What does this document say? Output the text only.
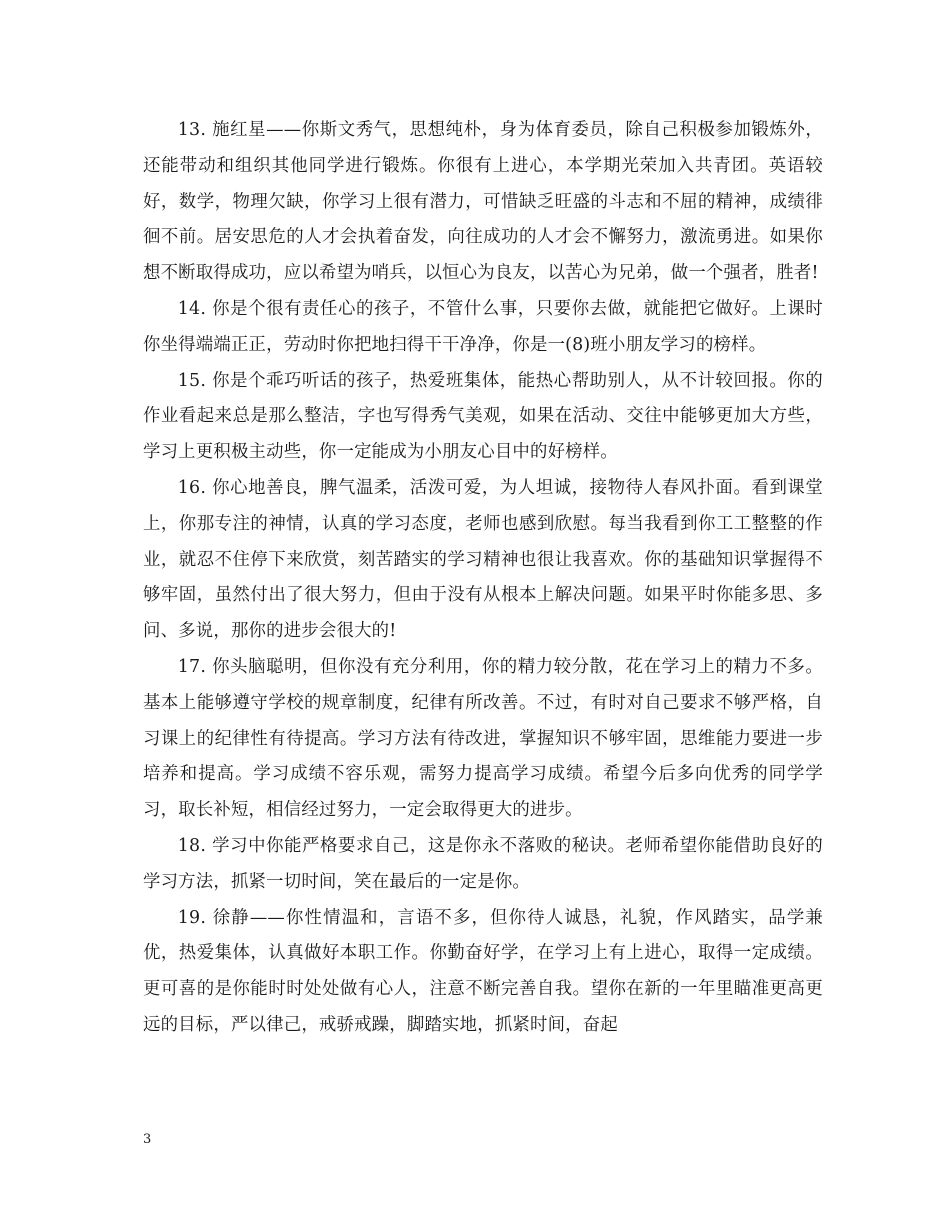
13. 施红星——你斯文秀气，思想纯朴，身为体育委员，除自己积极参加锻炼外，还能带动和组织其他同学进行锻炼。你很有上进心，本学期光荣加入共青团。英语较好，数学，物理欠缺，你学习上很有潜力，可惜缺乏旺盛的斗志和不屈的精神，成绩徘徊不前。居安思危的人才会执着奋发，向往成功的人才会不懈努力，激流勇进。如果你想不断取得成功，应以希望为哨兵，以恒心为良友，以苦心为兄弟，做一个强者，胜者!

14. 你是个很有责任心的孩子，不管什么事，只要你去做，就能把它做好。上课时你坐得端端正正，劳动时你把地扫得干干净净，你是一(8)班小朋友学习的榜样。

15. 你是个乖巧听话的孩子，热爱班集体，能热心帮助别人，从不计较回报。你的作业看起来总是那么整洁，字也写得秀气美观，如果在活动、交往中能够更加大方些，学习上更积极主动些，你一定能成为小朋友心目中的好榜样。

16. 你心地善良，脾气温柔，活泼可爱，为人坦诚，接物待人春风扑面。看到课堂上，你那专注的神情，认真的学习态度，老师也感到欣慰。每当我看到你工工整整的作业，就忍不住停下来欣赏，刻苦踏实的学习精神也很让我喜欢。你的基础知识掌握得不够牢固，虽然付出了很大努力，但由于没有从根本上解决问题。如果平时你能多思、多问、多说，那你的进步会很大的!

17. 你头脑聪明，但你没有充分利用，你的精力较分散，花在学习上的精力不多。基本上能够遵守学校的规章制度，纪律有所改善。不过，有时对自己要求不够严格，自习课上的纪律性有待提高。学习方法有待改进，掌握知识不够牢固，思维能力要进一步培养和提高。学习成绩不容乐观，需努力提高学习成绩。希望今后多向优秀的同学学习，取长补短，相信经过努力，一定会取得更大的进步。

18. 学习中你能严格要求自己，这是你永不落败的秘诀。老师希望你能借助良好的学习方法，抓紧一切时间，笑在最后的一定是你。

19. 徐静——你性情温和，言语不多，但你待人诚恳，礼貌，作风踏实，品学兼优，热爱集体，认真做好本职工作。你勤奋好学，在学习上有上进心，取得一定成绩。更可喜的是你能时时处处做有心人，注意不断完善自我。望你在新的一年里瞄准更高更远的目标，严以律己，戒骄戒躁，脚踏实地，抓紧时间，奋起

3
